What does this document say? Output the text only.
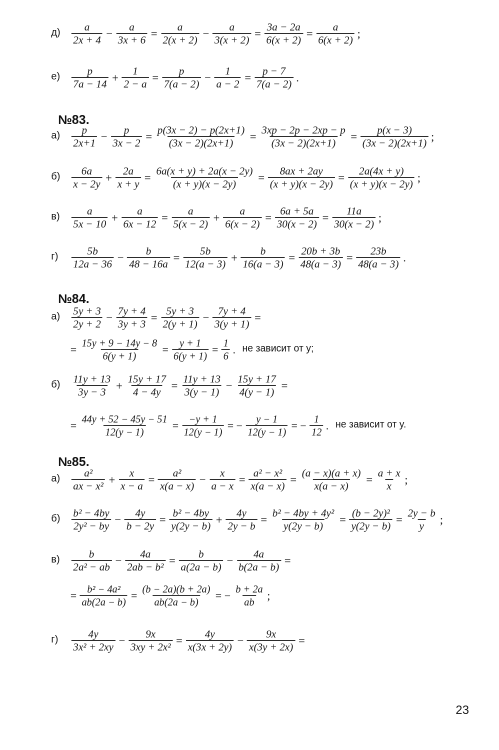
$д) \frac{a}{2x + 4} - \frac{a}{3x + 6} = \frac{a}{2(x + 2)} - \frac{a}{3(x + 2)} = \frac{3a - 2a}{6(x + 2)} = \frac{a}{6(x + 2)}$ ;
$е) \frac{p}{7a - 14} + \frac{1}{2 - a} = \frac{p}{7(a - 2)} - \frac{1}{a - 2} = \frac{p - 7}{7(a - 2)}$ .
№83.
$а) \frac{p}{2x+1} - \frac{p}{3x - 2} = \frac{p(3x - 2) - p(2x+1)}{(3x - 2)(2x+1)} = \frac{3xp - 2p - 2xp - p}{(3x - 2)(2x+1)} = \frac{p(x - 3)}{(3x - 2)(2x+1)}$ ;
$б) \frac{6a}{x - 2y} + \frac{2a}{x + y} = \frac{6a(x + y) + 2a(x - 2y)}{(x + y)(x - 2y)} = \frac{8ax + 2ay}{(x + y)(x - 2y)} = \frac{2a(4x + y)}{(x + y)(x - 2y)}$ ;
$в) \frac{a}{5x - 10} + \frac{a}{6x - 12} = \frac{a}{5(x - 2)} + \frac{a}{6(x - 2)} = \frac{6a + 5a}{30(x - 2)} = \frac{11a}{30(x - 2)}$ ;
г)	$\frac{5b}{12a - 36} - \frac{b}{48 - 16a} = \frac{5b}{12(a - 3)} + \frac{b}{16(a - 3)} = \frac{20b + 3b}{48(a - 3)} = \frac{23b}{48(a - 3)}$ .
№84.
$а) \frac{5y + 3}{2y + 2} - \frac{7y + 4}{3y + 3} = \frac{5y + 3}{2(y + 1)} - \frac{7y + 4}{3(y + 1)}$ =
= $\frac{15y + 9 - 14y - 8}{6(y + 1)} = \frac{y + 1}{6(y + 1)} = \frac{1}{6}$ . не зависит от y;
$б) \frac{11y + 13}{3y - 3} + \frac{15y + 17}{4 - 4y} = \frac{11y + 13}{3(y - 1)} - \frac{15y + 17}{4(y - 1)}$ =
= $\frac{44y + 52 - 45y - 51}{12(y - 1)} = \frac{-y + 1}{12(y - 1)}$ = − $\frac{y - 1}{12(y - 1)}$ = − $\frac{1}{12}$ . не зависит от y.
№85.
$а) \frac{\text{a²}}{\text{ax − x²}} + \frac{x}{x - a} = \frac{\text{a²}}{x(a - x)} - \frac{x}{a - x} = \frac{\text{a² − x²}}{x(a - x)} = \frac{(a - x)(a + x)}{x(a - x)} = \frac{a + x}{x}$ ;
$б) \frac{\text{b² − 4by}}{\text{2y² − by}} - \frac{4y}{b - 2y} = \frac{\text{b² − 4by}}{y(2y - b)} + \frac{4y}{2y - b} = \frac{\text{b² − 4by + 4y²}}{y(2y - b)} = \frac{\text{(b − 2y)²}}{y(2y - b)} = \frac{2y - b}{y}$ ;
$в) \frac{b}{\text{2a² − ab}} - \frac{4a}{\text{2ab − b²}} = \frac{b}{a(2a - b)} - \frac{4a}{b(2a - b)}$ =
= $\frac{\text{b² − 4a²}}{ab(2a - b)} = \frac{(b - 2a)(b + 2a)}{ab(2a - b)}$ = − $\frac{b + 2a}{ab}$ ;
г)	$\frac{4y}{\text{3x² + 2xy}} - \frac{9x}{\text{3xy + 2x²}} = \frac{4y}{x(3x + 2y)} - \frac{9x}{x(3y + 2x)}$ =
23
